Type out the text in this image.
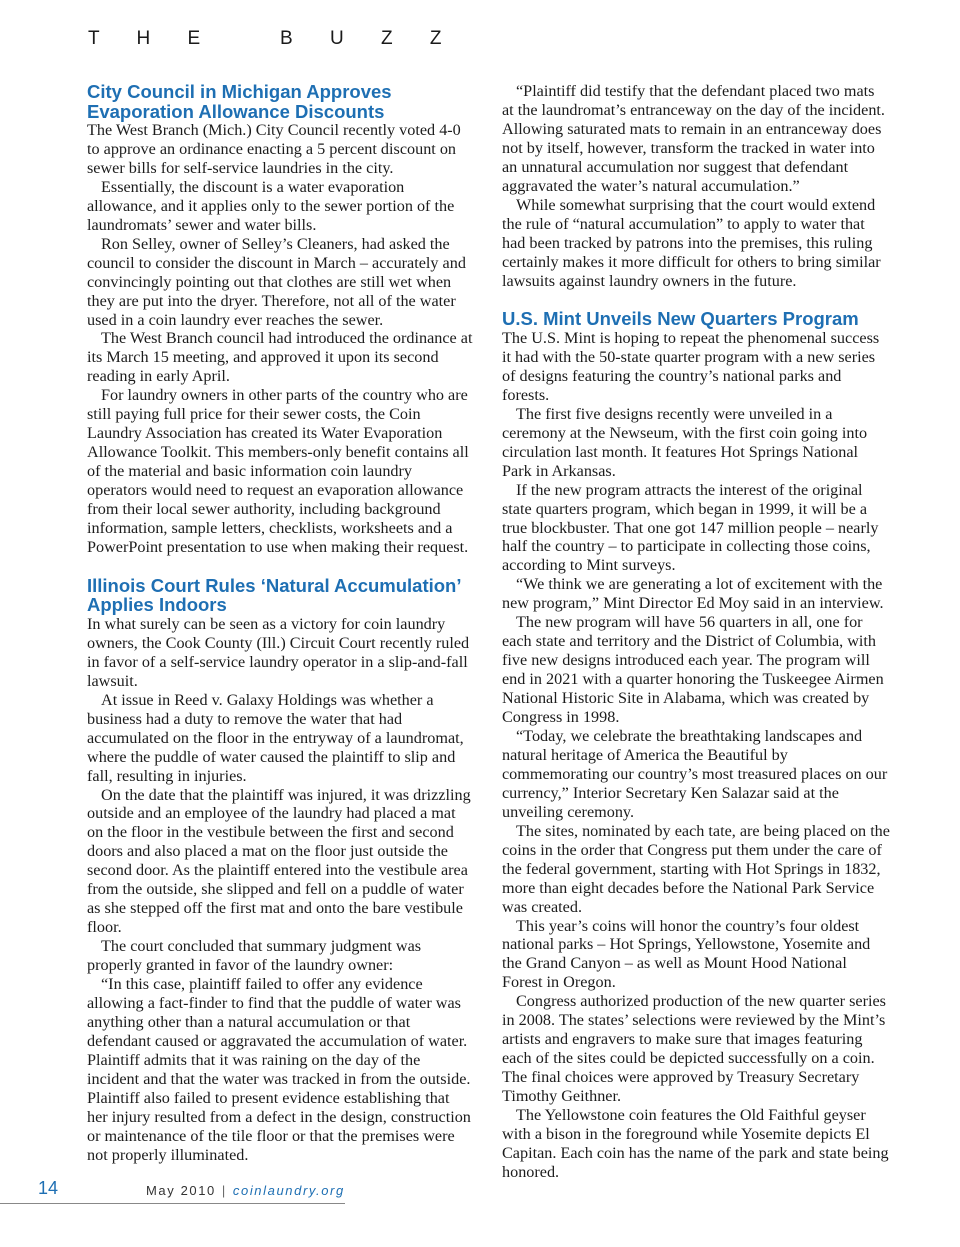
T H E   B U Z Z
City Council in Michigan Approves
Evaporation Allowance Discounts

The West Branch (Mich.) City Council recently voted 4-0 to approve an ordinance enacting a 5 percent discount on sewer bills for self-service laundries in the city.

Essentially, the discount is a water evaporation allowance, and it applies only to the sewer portion of the laundromats’ sewer and water bills.

Ron Selley, owner of Selley’s Cleaners, had asked the council to consider the discount in March – accurately and convincingly pointing out that clothes are still wet when they are put into the dryer. Therefore, not all of the water used in a coin laundry ever reaches the sewer.

The West Branch council had introduced the ordinance at its March 15 meeting, and approved it upon its second reading in early April.

For laundry owners in other parts of the country who are still paying full price for their sewer costs, the Coin Laundry Association has created its Water Evaporation Allowance Toolkit. This members-only benefit contains all of the material and basic information coin laundry operators would need to request an evaporation allowance from their local sewer authority, including background information, sample letters, checklists, worksheets and a PowerPoint presentation to use when making their request.

Illinois Court Rules ‘Natural Accumulation’
Applies Indoors

In what surely can be seen as a victory for coin laundry owners, the Cook County (Ill.) Circuit Court recently ruled in favor of a self-service laundry operator in a slip-and-fall lawsuit.

At issue in Reed v. Galaxy Holdings was whether a business had a duty to remove the water that had accumulated on the floor in the entryway of a laundromat, where the puddle of water caused the plaintiff to slip and fall, resulting in injuries.

On the date that the plaintiff was injured, it was drizzling outside and an employee of the laundry had placed a mat on the floor in the vestibule between the first and second doors and also placed a mat on the floor just outside the second door. As the plaintiff entered into the vestibule area from the outside, she slipped and fell on a puddle of water as she stepped off the first mat and onto the bare vestibule floor.

The court concluded that summary judgment was properly granted in favor of the laundry owner:

“In this case, plaintiff failed to offer any evidence allowing a fact-finder to find that the puddle of water was anything other than a natural accumulation or that defendant caused or aggravated the accumulation of water. Plaintiff admits that it was raining on the day of the incident and that the water was tracked in from the outside. Plaintiff also failed to present evidence establishing that her injury resulted from a defect in the design, construction or maintenance of the tile floor or that the premises were not properly illuminated.

“Plaintiff did testify that the defendant placed two mats at the laundromat’s entranceway on the day of the incident. Allowing saturated mats to remain in an entranceway does not by itself, however, transform the tracked in water into an unnatural accumulation nor suggest that defendant aggravated the water’s natural accumulation.”

While somewhat surprising that the court would extend the rule of “natural accumulation” to apply to water that had been tracked by patrons into the premises, this ruling certainly makes it more difficult for others to bring similar lawsuits against laundry owners in the future.

U.S. Mint Unveils New Quarters Program

The U.S. Mint is hoping to repeat the phenomenal success it had with the 50-state quarter program with a new series of designs featuring the country’s national parks and forests.

The first five designs recently were unveiled in a ceremony at the Newseum, with the first coin going into circulation last month. It features Hot Springs National Park in Arkansas.

If the new program attracts the interest of the original state quarters program, which began in 1999, it will be a true blockbuster. That one got 147 million people – nearly half the country – to participate in collecting those coins, according to Mint surveys.

“We think we are generating a lot of excitement with the new program,” Mint Director Ed Moy said in an interview.

The new program will have 56 quarters in all, one for each state and territory and the District of Columbia, with five new designs introduced each year. The program will end in 2021 with a quarter honoring the Tuskeegee Airmen National Historic Site in Alabama, which was created by Congress in 1998.

“Today, we celebrate the breathtaking landscapes and natural heritage of America the Beautiful by commemorating our country’s most treasured places on our currency,” Interior Secretary Ken Salazar said at the unveiling ceremony.

The sites, nominated by each tate, are being placed on the coins in the order that Congress put them under the care of the federal government, starting with Hot Springs in 1832, more than eight decades before the National Park Service was created.

This year’s coins will honor the country’s four oldest national parks – Hot Springs, Yellowstone, Yosemite and the Grand Canyon – as well as Mount Hood National Forest in Oregon.

Congress authorized production of the new quarter series in 2008. The states’ selections were reviewed by the Mint’s artists and engravers to make sure that images featuring each of the sites could be depicted successfully on a coin. The final choices were approved by Treasury Secretary Timothy Geithner.

The Yellowstone coin features the Old Faithful geyser with a bison in the foreground while Yosemite depicts El Capitan. Each coin has the name of the park and state being honored.

14	May 2010 | coinlaundry.org
